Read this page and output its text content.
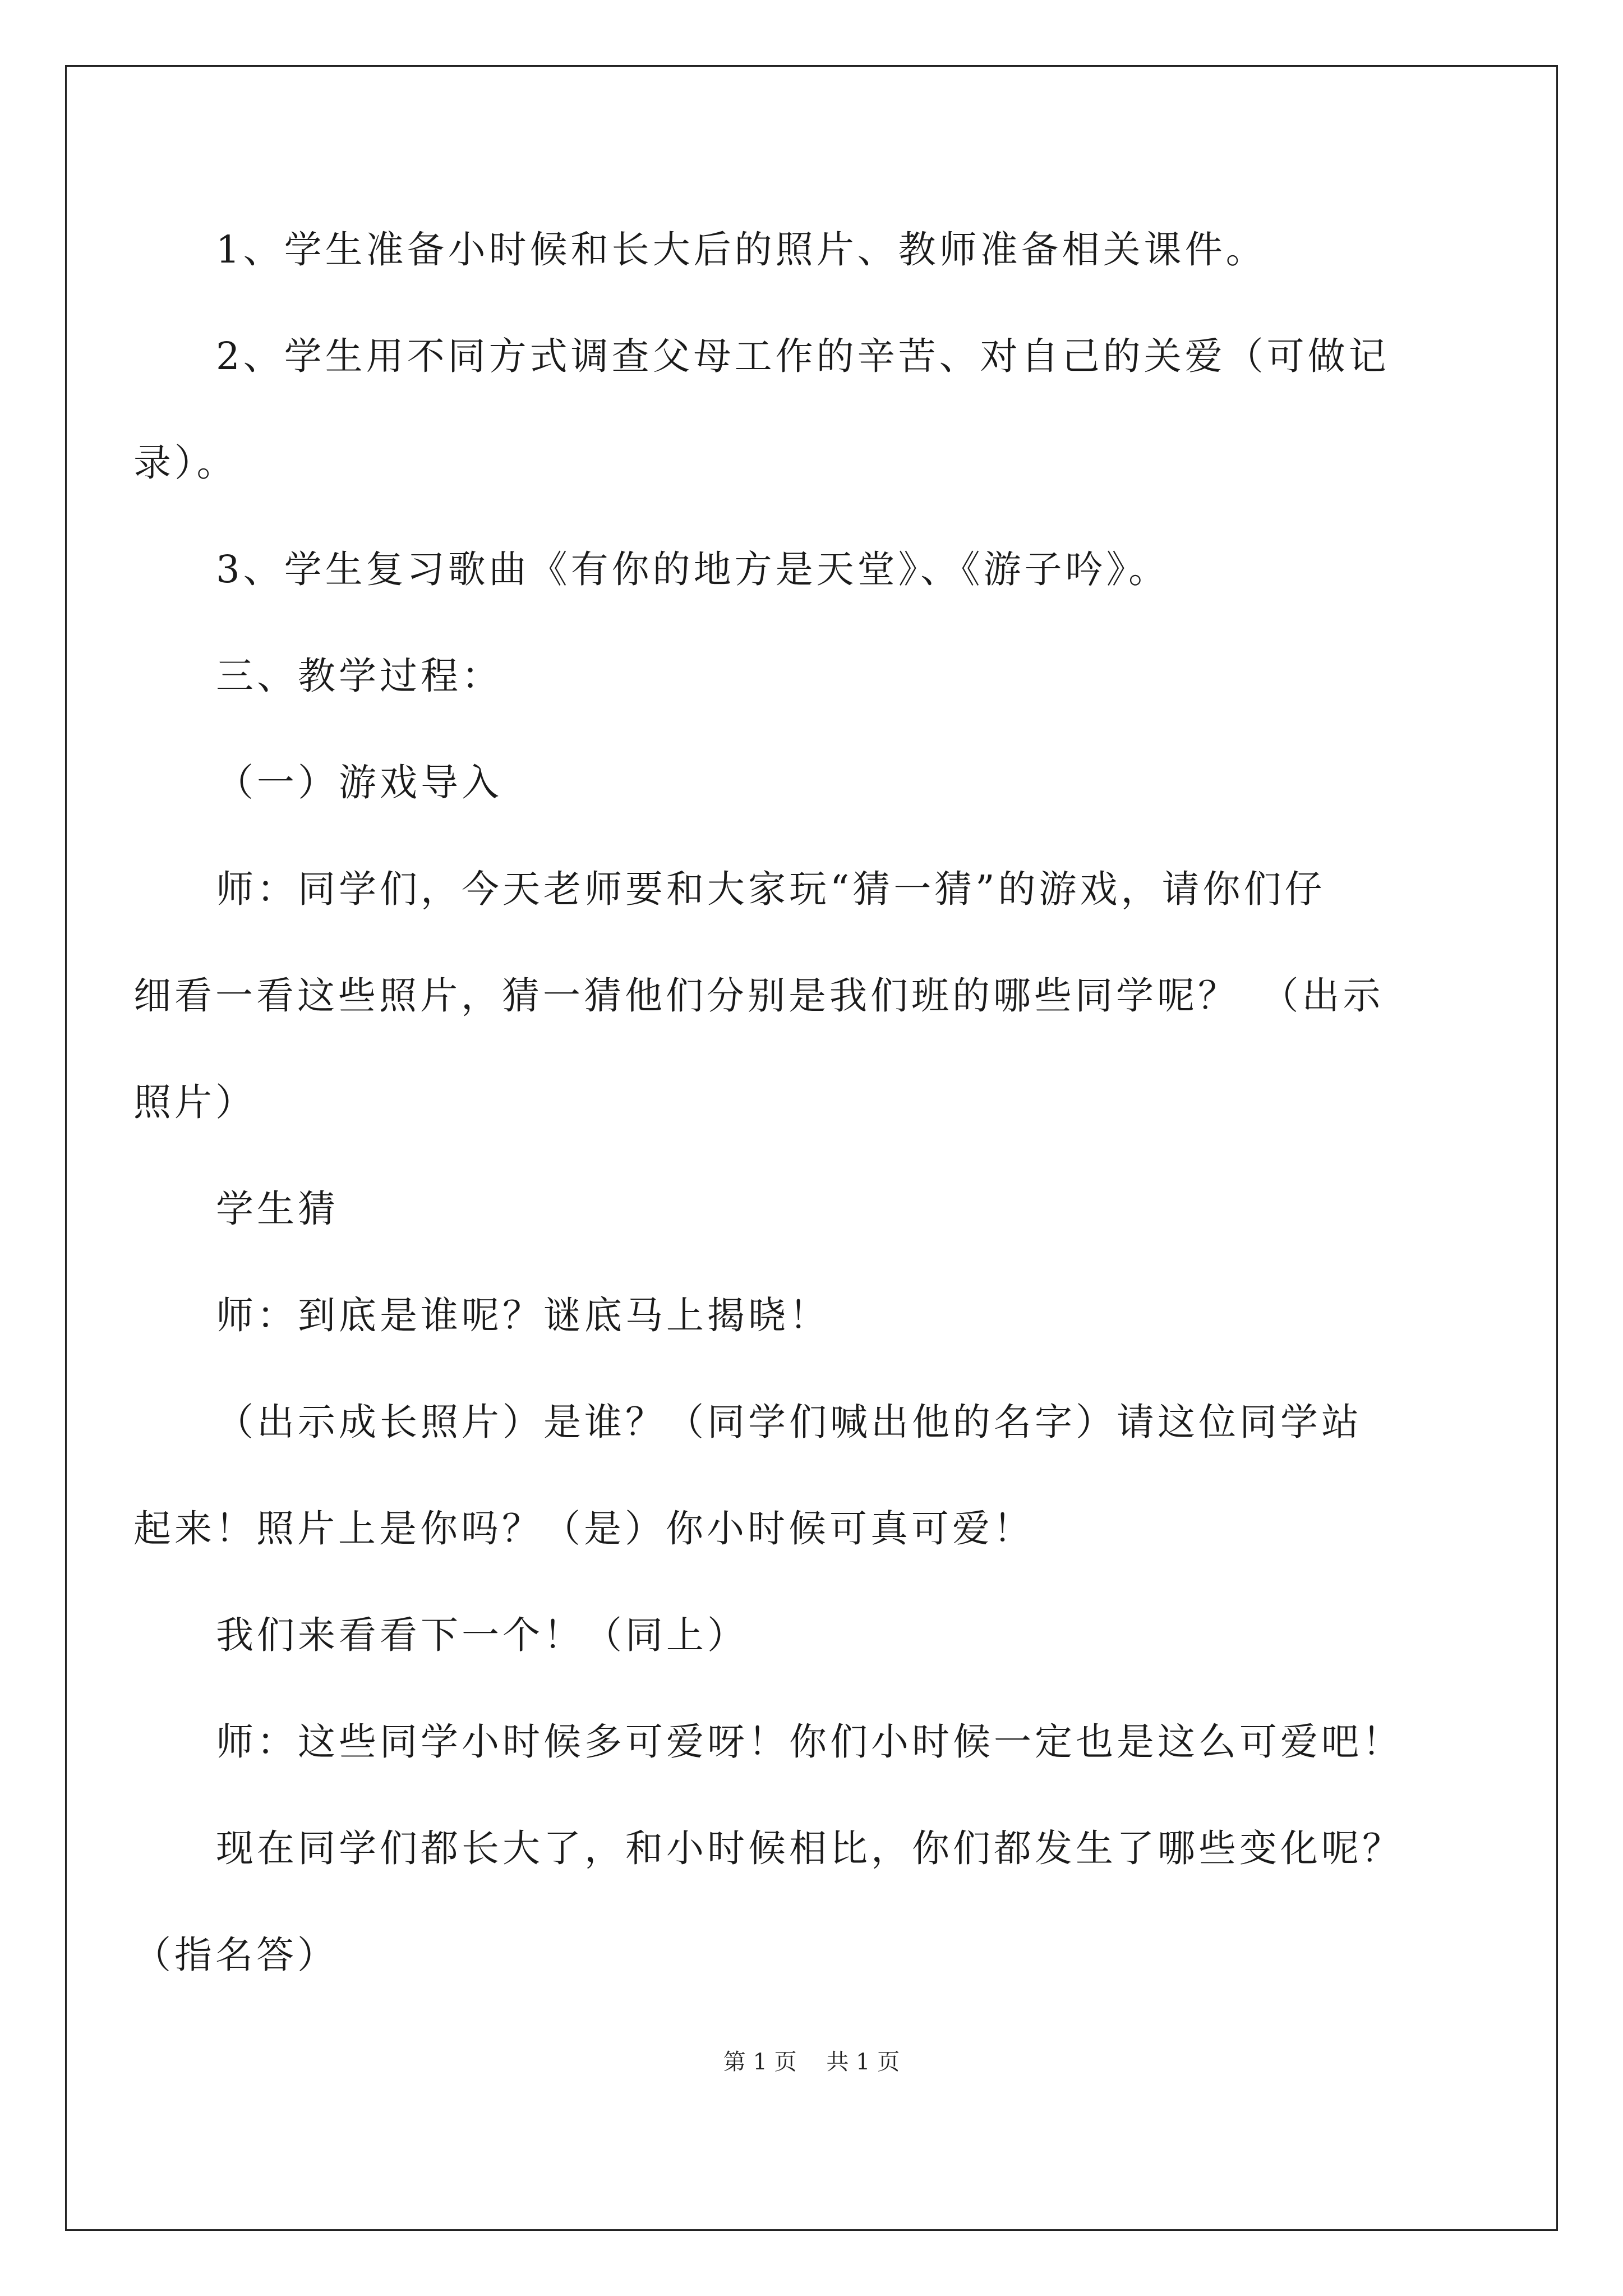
1、学生准备小时候和长大后的照片、教师准备相关课件。
2、学生用不同方式调查父母工作的辛苦、对自己的关爱（可做记
录）。
3、学生复习歌曲《有你的地方是天堂》、《游子吟》。
三、教学过程：
（一）游戏导入
师：同学们，今天老师要和大家玩“猜一猜”的游戏，请你们仔
细看一看这些照片，猜一猜他们分别是我们班的哪些同学呢？　（出示
照片）
学生猜
师：到底是谁呢？谜底马上揭晓！
（出示成长照片）是谁？（同学们喊出他的名字）请这位同学站
起来！照片上是你吗？（是）你小时候可真可爱！
我们来看看下一个！（同上）
师：这些同学小时候多可爱呀！你们小时候一定也是这么可爱吧！
现在同学们都长大了，和小时候相比，你们都发生了哪些变化呢？
（指名答）
第 1 页　 共 1 页
